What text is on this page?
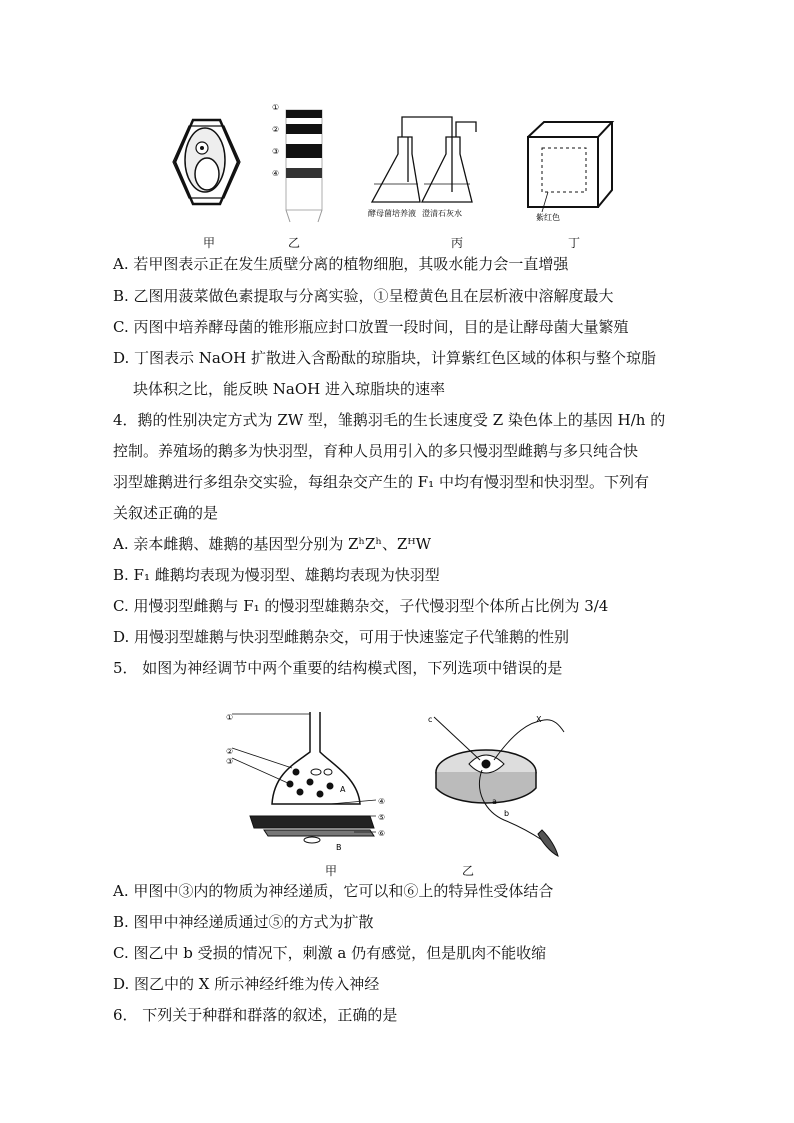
①
②
③
④
酵母菌培养液 澄清石灰水	紫红色
甲	乙	丙	丁
A. 若甲图表示正在发生质壁分离的植物细胞，其吸水能力会一直增强
B. 乙图用菠菜做色素提取与分离实验，①呈橙黄色且在层析液中溶解度最大
C. 丙图中培养酵母菌的锥形瓶应封口放置一段时间，目的是让酵母菌大量繁殖
D. 丁图表示 NaOH 扩散进入含酚酞的琼脂块，计算紫红色区域的体积与整个琼脂
块体积之比，能反映 NaOH 进入琼脂块的速率
4．鹅的性别决定方式为 ZW 型，雏鹅羽毛的生长速度受 Z 染色体上的基因 H/h 的
控制。养殖场的鹅多为快羽型，育种人员用引入的多只慢羽型雌鹅与多只纯合快
羽型雄鹅进行多组杂交实验，每组杂交产生的 F₁ 中均有慢羽型和快羽型。下列有
关叙述正确的是
A. 亲本雌鹅、雄鹅的基因型分别为 ZʰZʰ、ZᴴW
B. F₁ 雌鹅均表现为慢羽型、雄鹅均表现为快羽型
C. 用慢羽型雌鹅与 F₁ 的慢羽型雄鹅杂交，子代慢羽型个体所占比例为 3/4
D. 用慢羽型雄鹅与快羽型雌鹅杂交，可用于快速鉴定子代雏鹅的性别
5． 如图为神经调节中两个重要的结构模式图，下列选项中错误的是
①
②
③
④
⑤
⑥
A
B
c	X
a
b
甲	乙
A. 甲图中③内的物质为神经递质，它可以和⑥上的特异性受体结合
B. 图甲中神经递质通过⑤的方式为扩散
C. 图乙中 b 受损的情况下，刺激 a 仍有感觉，但是肌肉不能收缩
D. 图乙中的 X 所示神经纤维为传入神经
6． 下列关于种群和群落的叙述，正确的是
